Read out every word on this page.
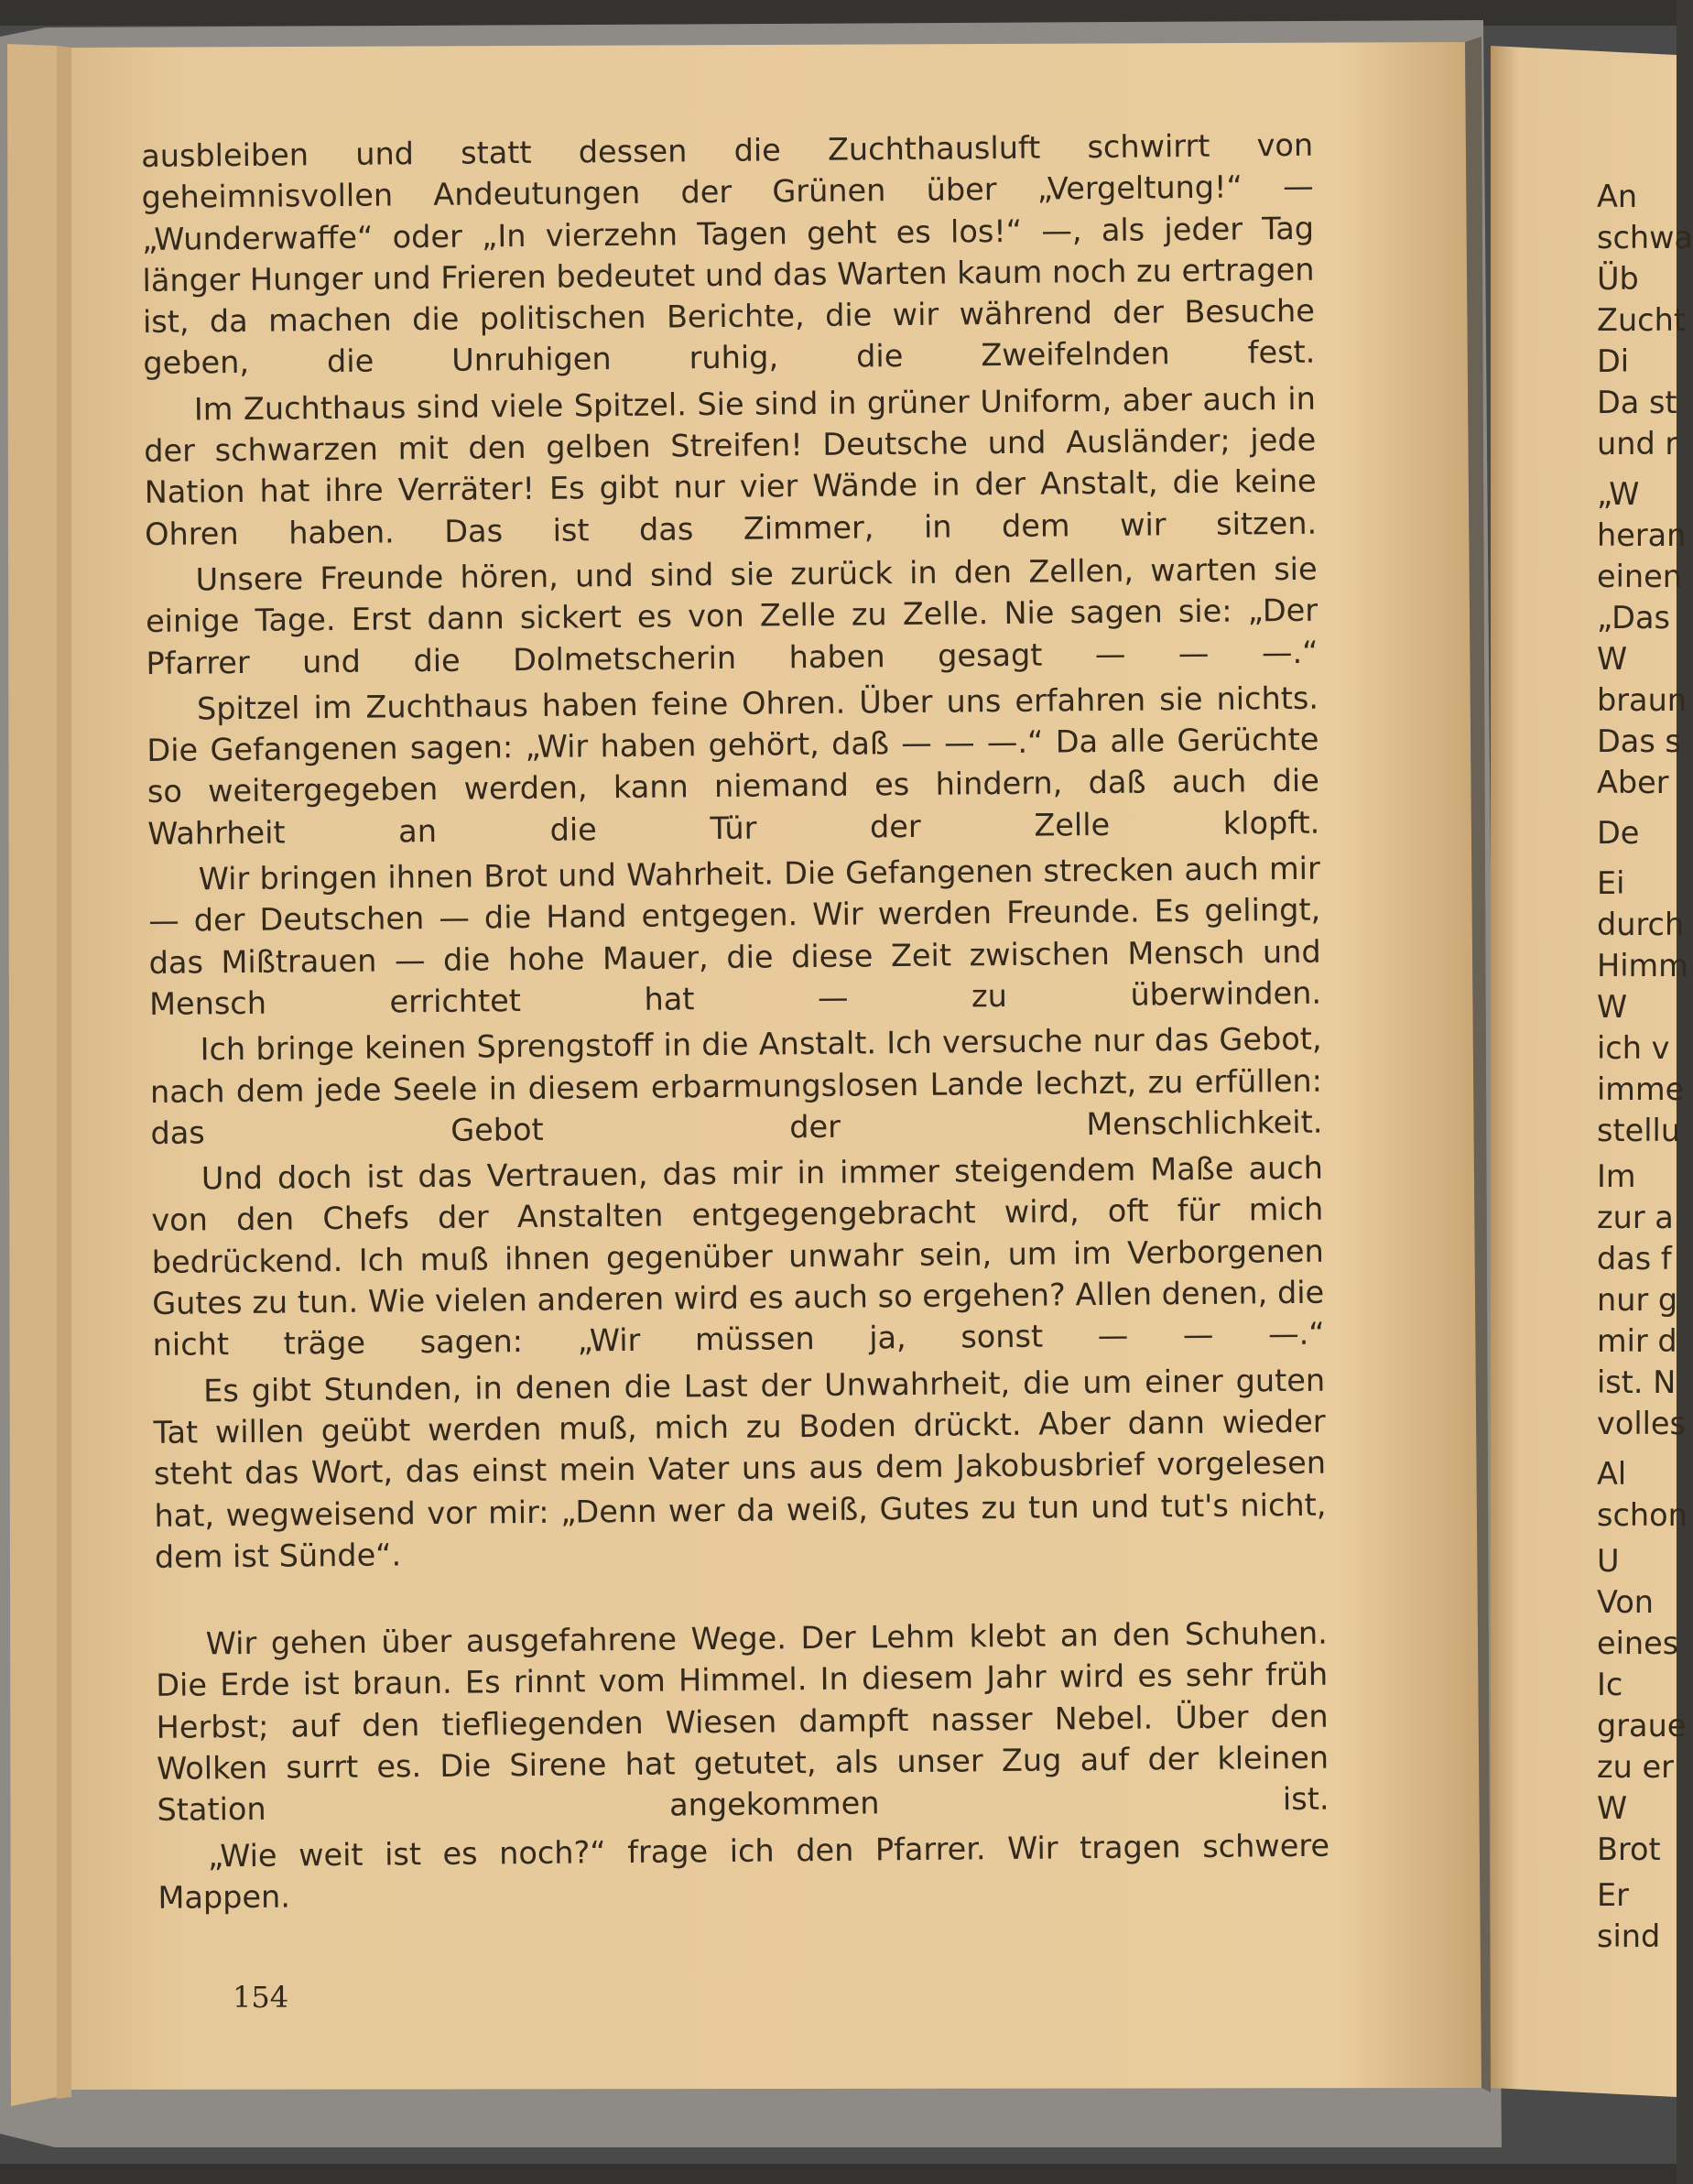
ausbleiben und statt dessen die Zuchthausluft schwirrt von geheimnisvollen Andeutungen der Grünen über „Vergeltung!“ — „Wunderwaffe“ oder „In vierzehn Tagen geht es los!“ —, als jeder Tag länger Hunger und Frieren bedeutet und das Warten kaum noch zu ertragen ist, da machen die politischen Berichte, die wir während der Besuche geben, die Unruhigen ruhig, die Zweifelnden fest.

Im Zuchthaus sind viele Spitzel. Sie sind in grüner Uniform, aber auch in der schwarzen mit den gelben Streifen! Deutsche und Ausländer; jede Nation hat ihre Verräter! Es gibt nur vier Wände in der Anstalt, die keine Ohren haben. Das ist das Zimmer, in dem wir sitzen.

Unsere Freunde hören, und sind sie zurück in den Zellen, warten sie einige Tage. Erst dann sickert es von Zelle zu Zelle. Nie sagen sie: „Der Pfarrer und die Dolmetscherin haben gesagt — — —.“

Spitzel im Zuchthaus haben feine Ohren. Über uns erfahren sie nichts. Die Gefangenen sagen: „Wir haben gehört, daß — — —.“ Da alle Gerüchte so weitergegeben werden, kann niemand es hindern, daß auch die Wahrheit an die Tür der Zelle klopft.

Wir bringen ihnen Brot und Wahrheit. Die Gefangenen strecken auch mir — der Deutschen — die Hand entgegen. Wir werden Freunde. Es gelingt, das Mißtrauen — die hohe Mauer, die diese Zeit zwischen Mensch und Mensch errichtet hat — zu überwinden.

Ich bringe keinen Sprengstoff in die Anstalt. Ich versuche nur das Gebot, nach dem jede Seele in diesem erbarmungslosen Lande lechzt, zu erfüllen: das Gebot der Menschlichkeit.

Und doch ist das Vertrauen, das mir in immer steigendem Maße auch von den Chefs der Anstalten entgegengebracht wird, oft für mich bedrückend. Ich muß ihnen gegenüber unwahr sein, um im Verborgenen Gutes zu tun. Wie vielen anderen wird es auch so ergehen? Allen denen, die nicht träge sagen: „Wir müssen ja, sonst — — —.“

Es gibt Stunden, in denen die Last der Unwahrheit, die um einer guten Tat willen geübt werden muß, mich zu Boden drückt. Aber dann wieder steht das Wort, das einst mein Vater uns aus dem Jakobusbrief vorgelesen hat, wegweisend vor mir: „Denn wer da weiß, Gutes zu tun und tut's nicht, dem ist Sünde“.

Wir gehen über ausgefahrene Wege. Der Lehm klebt an den Schuhen. Die Erde ist braun. Es rinnt vom Himmel. In diesem Jahr wird es sehr früh Herbst; auf den tiefliegenden Wiesen dampft nasser Nebel. Über den Wolken surrt es. Die Sirene hat getutet, als unser Zug auf der kleinen Station angekommen ist.

„Wie weit ist es noch?“ frage ich den Pfarrer. Wir tragen schwere Mappen.

154
An
schwa
Üb
Zucht
Di
Da st
und r
„W
heran
einen
„Das
W
braun
Das s
Aber
De
Ei
durch
Himm
W
ich v
imme
stellu
Im
zur a
das f
nur g
mir d
ist. N
volles
Al
schon
U
Von
eines
Ic
graue
zu er
W
Brot
Er
sind
